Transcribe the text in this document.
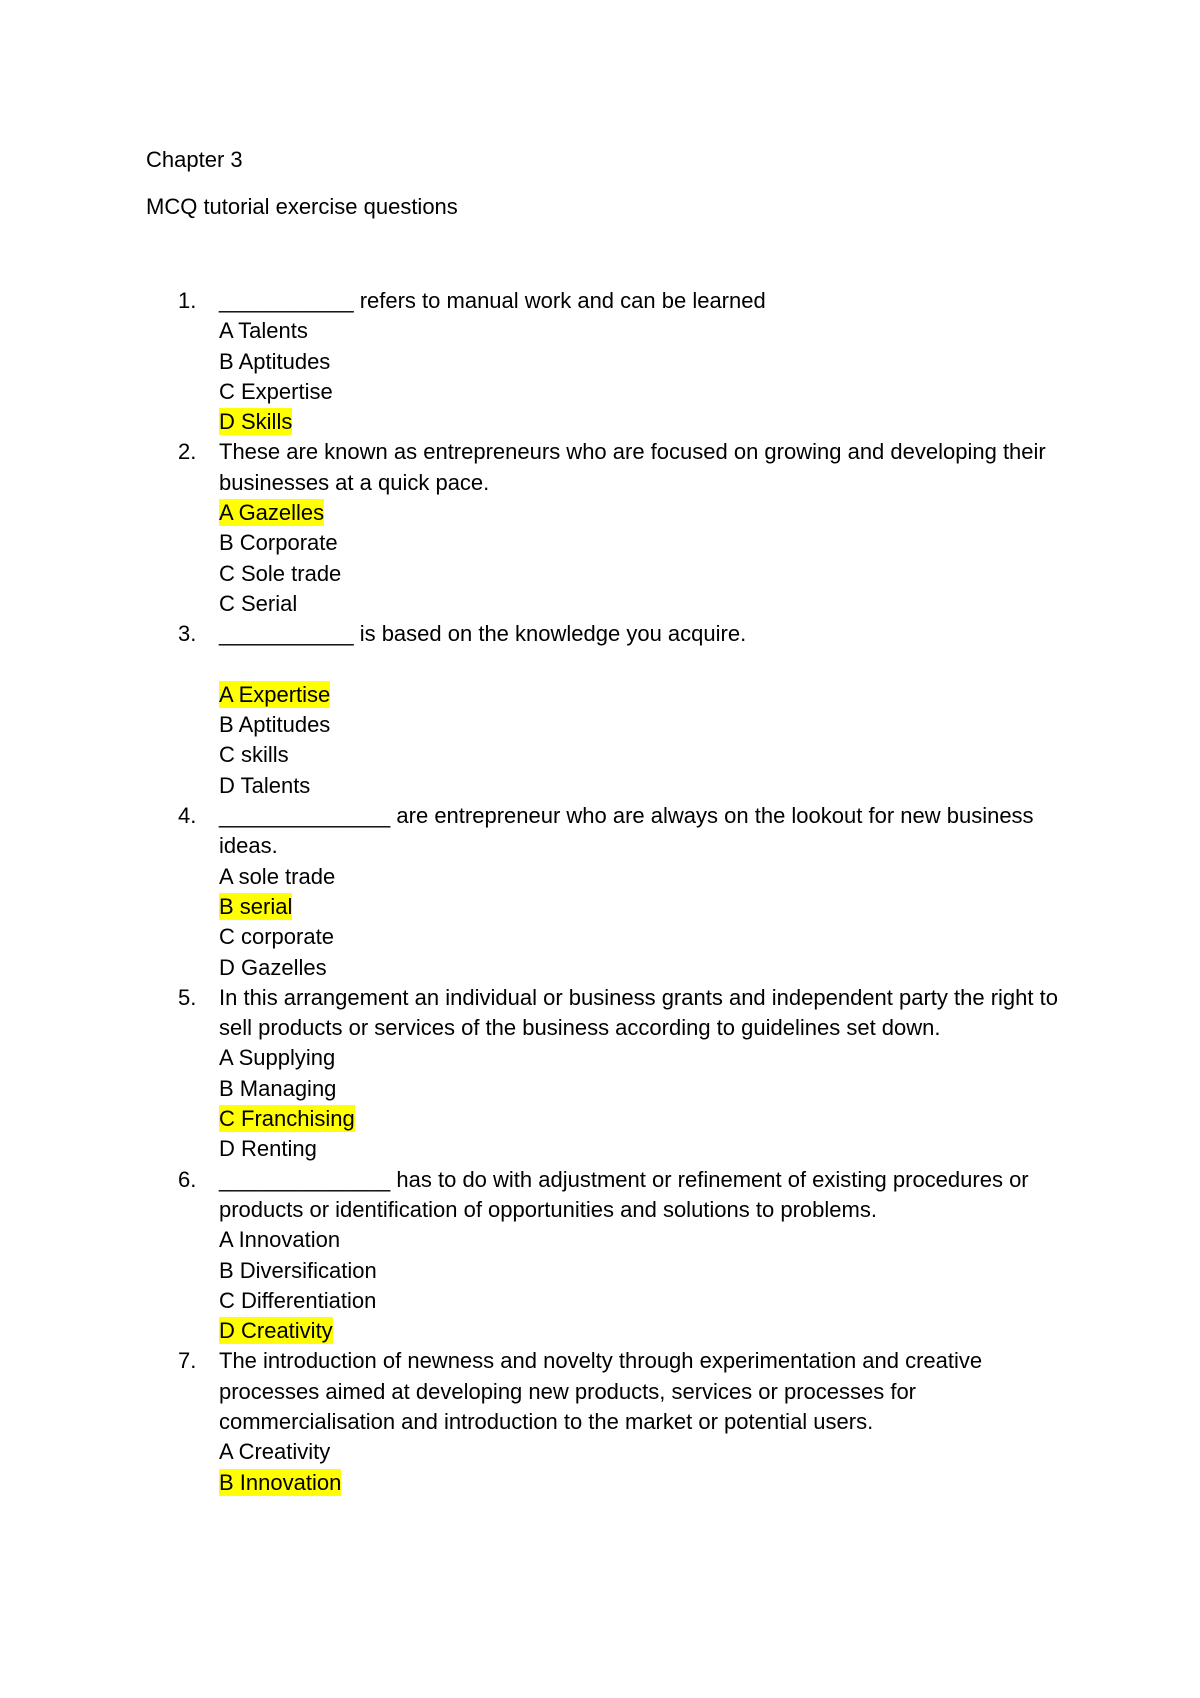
Chapter 3
MCQ tutorial exercise questions
1.	___________ refers to manual work and can be learned
A Talents
B Aptitudes
C Expertise
D Skills
2.	These are known as entrepreneurs who are focused on growing and developing their businesses at a quick pace.
A Gazelles
B Corporate
C Sole trade
C Serial
3.	___________ is based on the knowledge you acquire.
A Expertise
B Aptitudes
C skills
D Talents
4.	______________ are entrepreneur who are always on the lookout for new business ideas.
A sole trade
B serial
C corporate
D Gazelles
5.	In this arrangement an individual or business grants and independent party the right to sell products or services of the business according to guidelines set down.
A Supplying
B Managing
C Franchising
D Renting
6.	______________ has to do with adjustment or refinement of existing procedures or products or identification of opportunities and solutions to problems.
A Innovation
B Diversification
C Differentiation
D Creativity
7.	The introduction of newness and novelty through experimentation and creative processes aimed at developing new products, services or processes for commercialisation and introduction to the market or potential users.
A Creativity
B Innovation
